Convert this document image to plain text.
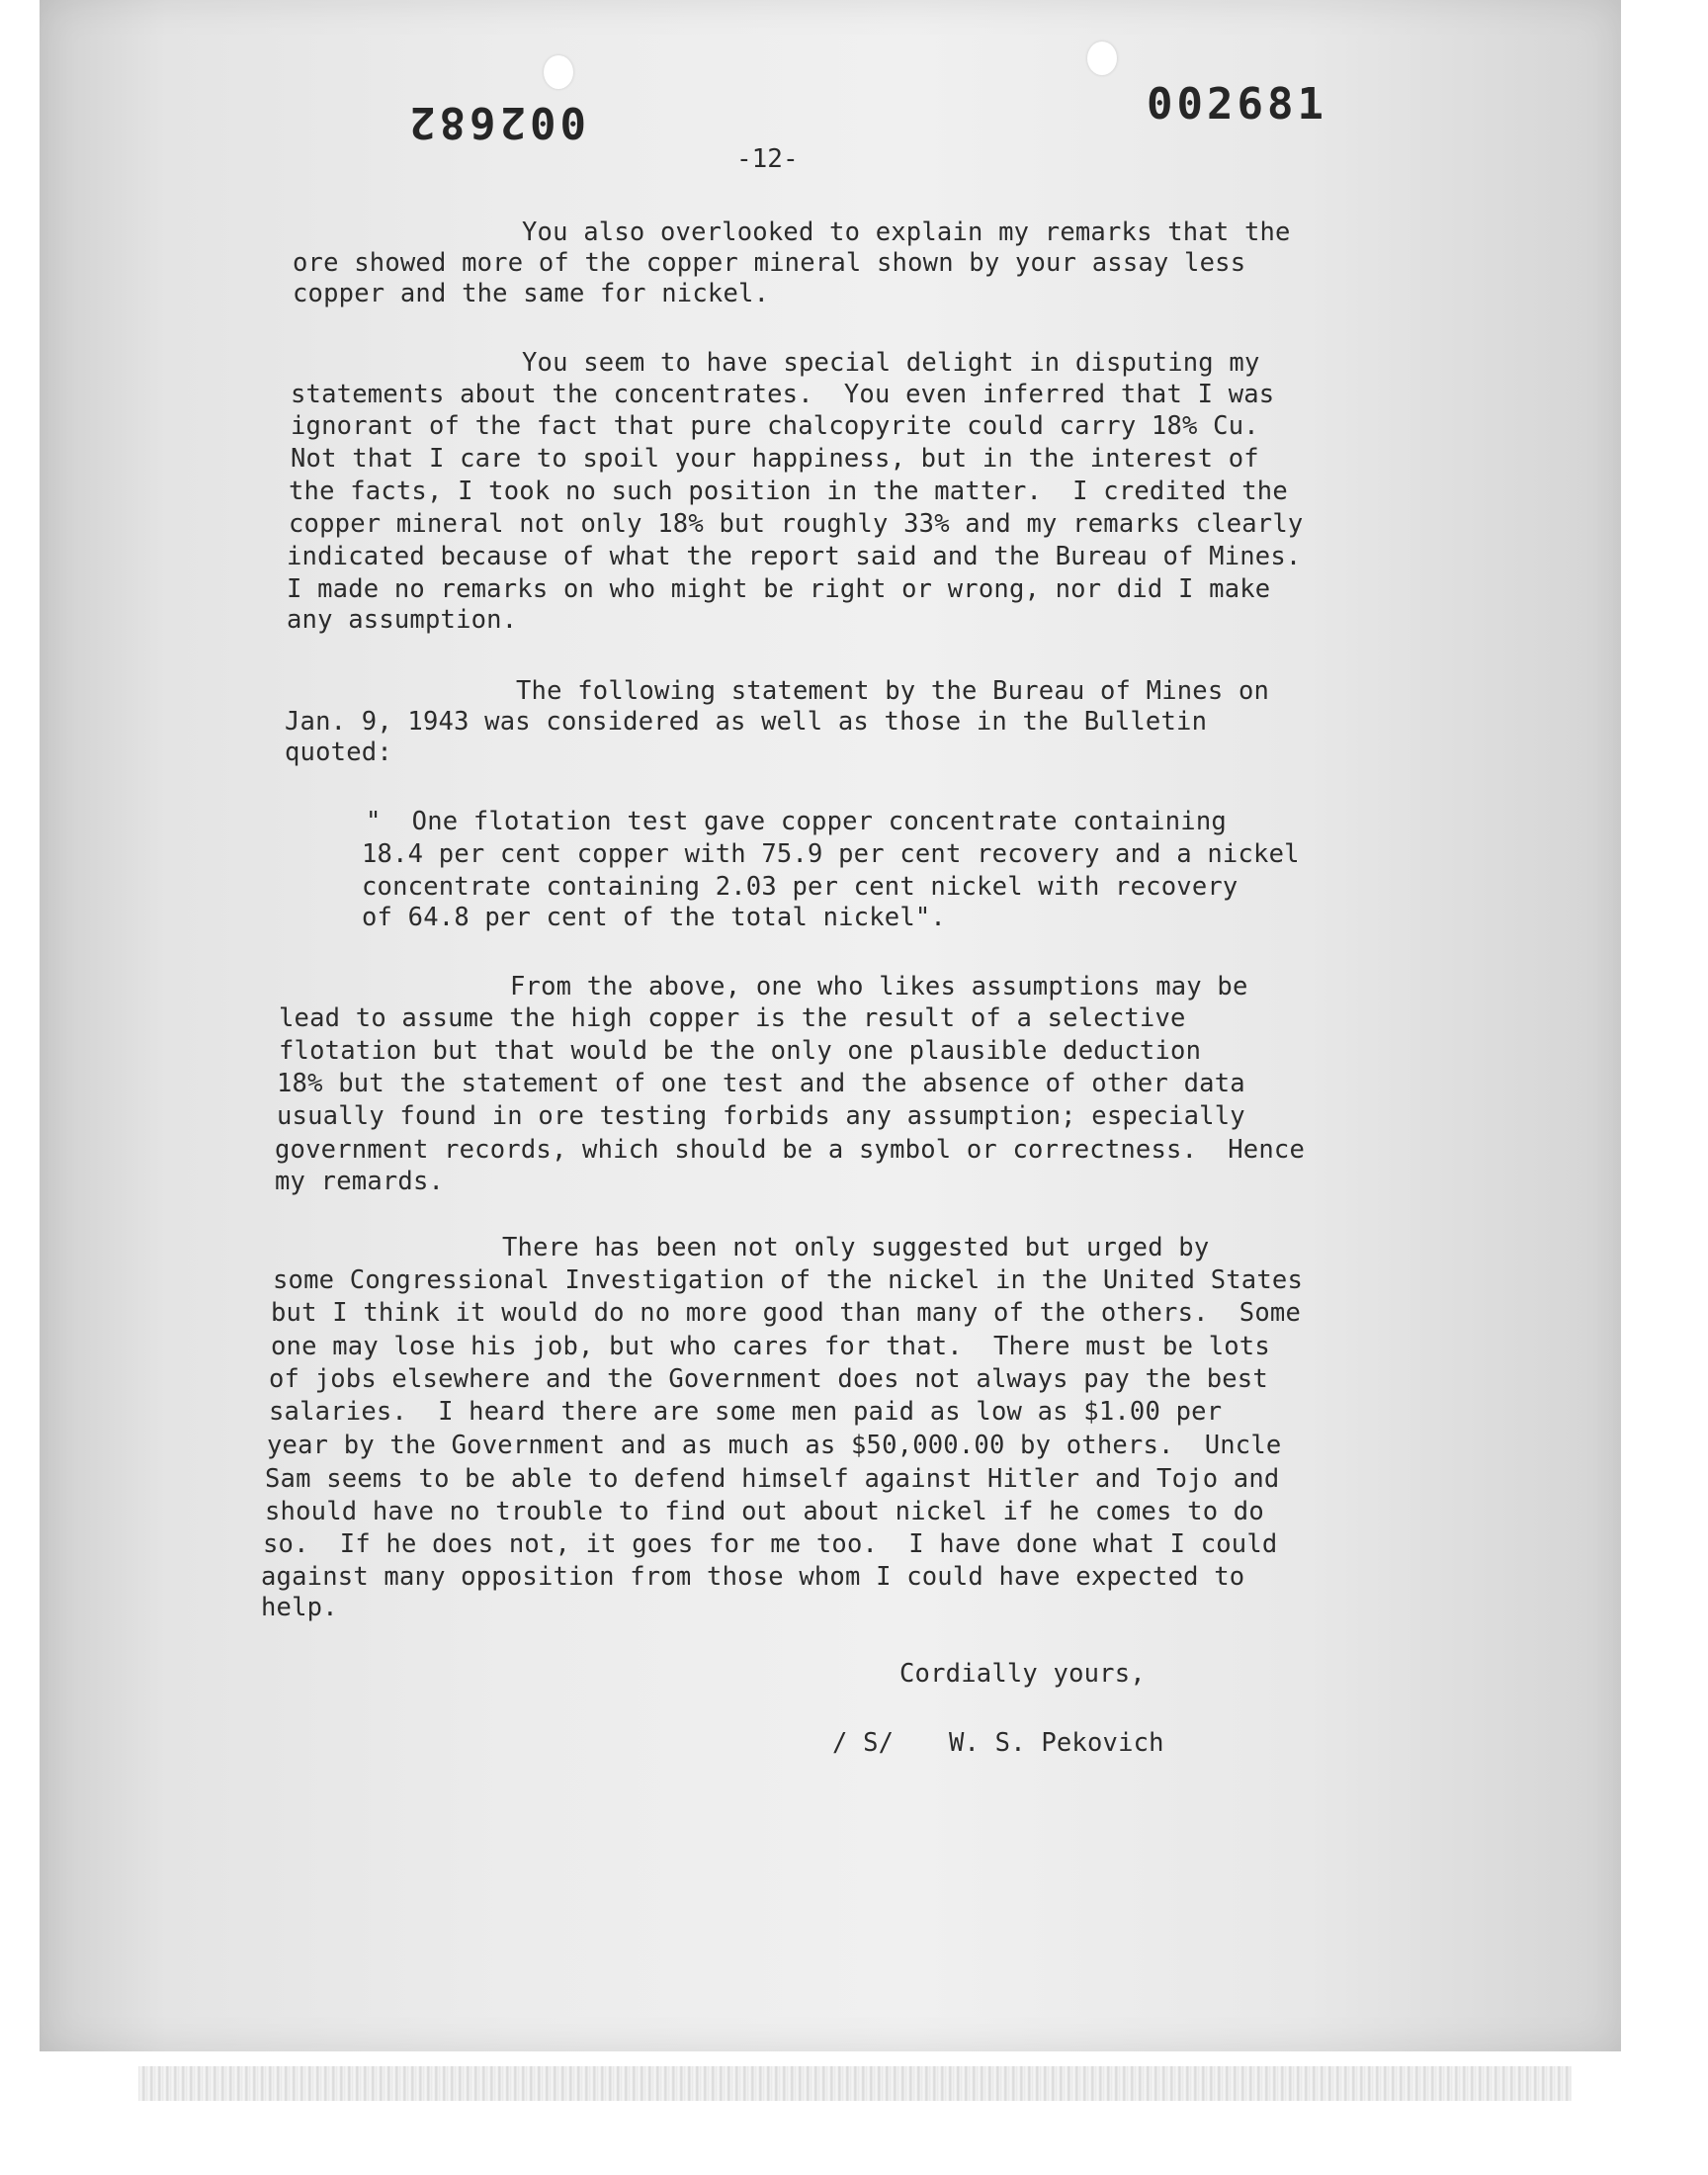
002682	002681
-12-

You also overlooked to explain my remarks that the

ore showed more of the copper mineral shown by your assay less

copper and the same for nickel.

You seem to have special delight in disputing my

statements about the concentrates.  You even inferred that I was

ignorant of the fact that pure chalcopyrite could carry 18% Cu.

Not that I care to spoil your happiness, but in the interest of

the facts, I took no such position in the matter.  I credited the

copper mineral not only 18% but roughly 33% and my remarks clearly

indicated because of what the report said and the Bureau of Mines.

I made no remarks on who might be right or wrong, nor did I make

any assumption.

The following statement by the Bureau of Mines on

Jan. 9, 1943 was considered as well as those in the Bulletin

quoted:

"  One flotation test gave copper concentrate containing

18.4 per cent copper with 75.9 per cent recovery and a nickel

concentrate containing 2.03 per cent nickel with recovery

of 64.8 per cent of the total nickel".

From the above, one who likes assumptions may be

lead to assume the high copper is the result of a selective

flotation but that would be the only one plausible deduction

18% but the statement of one test and the absence of other data

usually found in ore testing forbids any assumption; especially

government records, which should be a symbol or correctness.  Hence

my remards.

There has been not only suggested but urged by

some Congressional Investigation of the nickel in the United States

but I think it would do no more good than many of the others.  Some

one may lose his job, but who cares for that.  There must be lots

of jobs elsewhere and the Government does not always pay the best

salaries.  I heard there are some men paid as low as $1.00 per

year by the Government and as much as $50,000.00 by others.  Uncle

Sam seems to be able to defend himself against Hitler and Tojo and

should have no trouble to find out about nickel if he comes to do

so.  If he does not, it goes for me too.  I have done what I could

against many opposition from those whom I could have expected to

help.

Cordially yours,

/ S/ W. S. Pekovich
